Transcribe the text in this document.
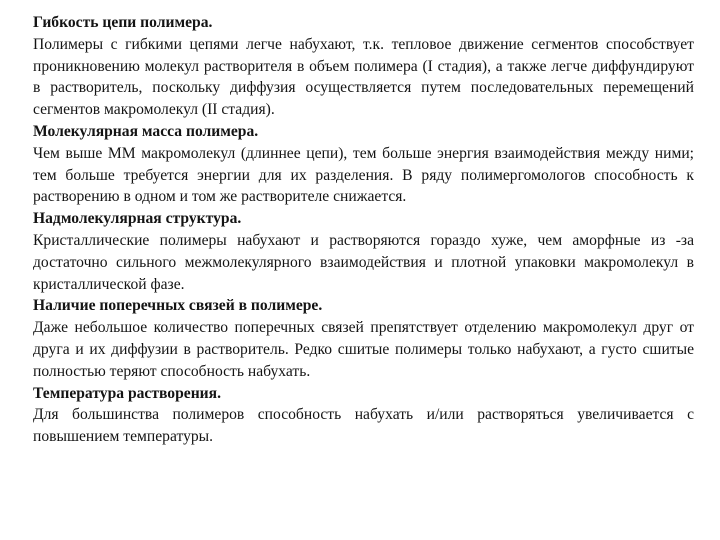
Гибкость цепи полимера.

Полимеры с гибкими цепями легче набухают, т.к. тепловое движение сегментов способствует проникновению молекул растворителя в объем полимера (I стадия), а также легче диффундируют в растворитель, поскольку диффузия осуществляется путем последовательных перемещений сегментов макромолекул (II стадия).

Молекулярная масса полимера.

Чем выше ММ макромолекул (длиннее цепи), тем больше энергия взаимодействия между ними; тем больше требуется энергии для их разделения. В ряду полимергомологов способность к растворению в одном и том же растворителе снижается.

Надмолекулярная структура.

Кристаллические полимеры набухают и растворяются гораздо хуже, чем аморфные из -за достаточно сильного межмолекулярного взаимодействия и плотной упаковки макромолекул в кристаллической фазе.

Наличие поперечных связей в полимере.

Даже небольшое количество поперечных связей препятствует отделению макромолекул друг от друга и их диффузии в растворитель. Редко сшитые полимеры только набухают, а густо сшитые полностью теряют способность набухать.

Температура растворения.

Для большинства полимеров способность набухать и/или растворяться увеличивается с повышением температуры.
